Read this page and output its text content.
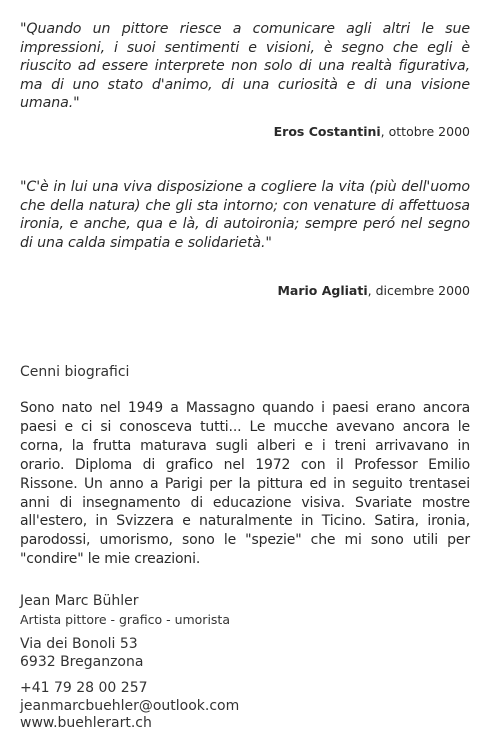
"Quando un pittore riesce a comunicare agli altri le sue impressioni, i suoi sentimenti e visioni, è segno che egli è riuscito ad essere interprete non solo di una realtà figurativa, ma di uno stato d'animo, di una curiosità e di una visione umana."

Eros Costantini, ottobre 2000

"C'è in lui una viva disposizione a cogliere la vita (più dell'uomo che della natura) che gli sta intorno; con venature di affettuosa ironia, e anche, qua e là, di autoironia; sempre peró nel segno di una calda simpatia e solidarietà."

Mario Agliati, dicembre 2000
Cenni biografici

Sono nato nel 1949 a Massagno quando i paesi erano ancora paesi e ci si conosceva tutti... Le mucche avevano ancora le corna, la frutta maturava sugli alberi e i treni arrivavano in orario. Diploma di grafico nel 1972 con il Professor Emilio Rissone. Un anno a Parigi per la pittura ed in seguito trentasei anni di insegnamento di educazione visiva. Svariate mostre all'estero, in Svizzera e naturalmente in Ticino. Satira, ironia, parodossi, umorismo, sono le "spezie" che mi sono utili per "condire" le mie creazioni.

Jean Marc Bühler
Artista pittore - grafico - umorista
Via dei Bonoli 53
6932 Breganzona
+41 79 28 00 257
jeanmarcbuehler@outlook.com
www.buehlerart.ch
